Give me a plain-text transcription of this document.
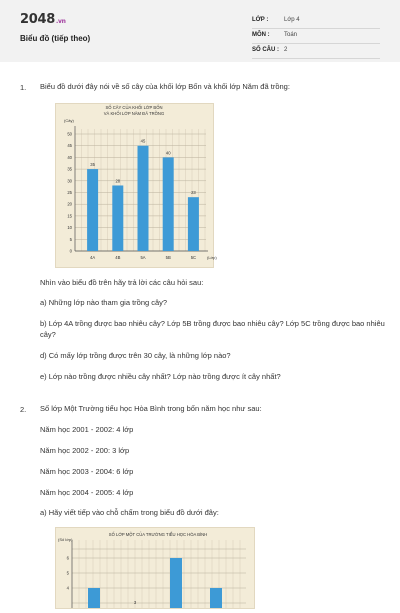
2048.vn
Biểu đồ (tiếp theo)
LỚP :	Lớp 4
MÔN : Toán
SỐ CÂU : 2
1. Biểu đồ dưới đây nói về số cây của khối lớp Bốn và khối lớp Năm đã trồng:
SỐ CÂY CỦA KHỐI LỚP BỐN
VÀ KHỐI LỚP NĂM ĐÃ TRỒNG
(Cây)
0
5
10
15
20
25
30
35
40
45
50
35
4A
28
4B
45
5A
40
5B
23
5C	(Lớp)
Nhìn vào biểu đồ trên hãy trả lời các câu hỏi sau:
a) Những lớp nào tham gia trồng cây?
b) Lớp 4A trồng được bao nhiêu cây? Lớp 5B trồng được bao nhiêu cây? Lớp 5C trồng được bao nhiêu cây?
d) Có mấy lớp trồng được trên 30 cây, là những lớp nào?
e) Lớp nào trồng được nhiều cây nhất? Lớp nào trồng được ít cây nhất?
2. Số lớp Một Trường tiểu học Hòa Bình trong bốn năm học như sau:
Năm học 2001 - 2002: 4 lớp
Năm học 2002 - 200: 3 lớp
Năm học 2003 - 2004: 6 lớp
Năm học 2004 - 2005: 4 lớp
a) Hãy viết tiếp vào chỗ chấm trong biểu đồ dưới đây:
SỐ LỚP MỘT CỦA TRƯỜNG TIỂU HỌC HÒA BÌNH
(Số lớp)
4
5
6
3
